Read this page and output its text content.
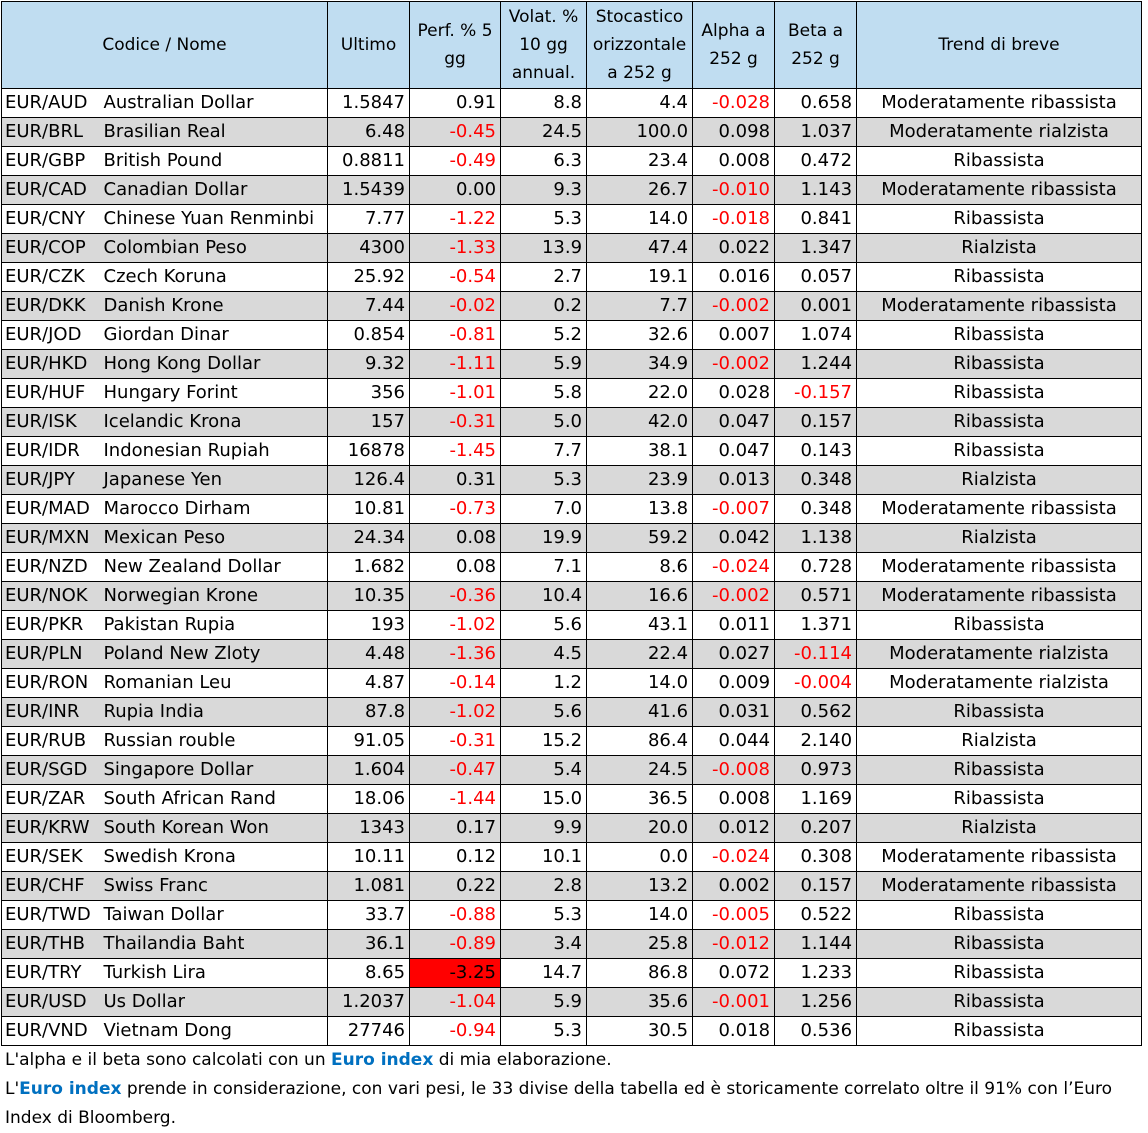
Codice / Nome		Ultimo	Perf. % 5 gg	Volat. % 10 gg annual.	Stocastico orizzontale a 252 g	Alpha a 252 g	Beta a 252 g	Trend di breve
EUR/AUD	Australian Dollar	1.5847	0.91	8.8	4.4	-0.028	0.658	Moderatamente ribassista
EUR/BRL	Brasilian Real	6.48	-0.45	24.5	100.0	0.098	1.037	Moderatamente rialzista
EUR/GBP	British Pound	0.8811	-0.49	6.3	23.4	0.008	0.472	Ribassista
EUR/CAD	Canadian Dollar	1.5439	0.00	9.3	26.7	-0.010	1.143	Moderatamente ribassista
EUR/CNY	Chinese Yuan Renminbi	7.77	-1.22	5.3	14.0	-0.018	0.841	Ribassista
EUR/COP	Colombian Peso	4300	-1.33	13.9	47.4	0.022	1.347	Rialzista
EUR/CZK	Czech Koruna	25.92	-0.54	2.7	19.1	0.016	0.057	Ribassista
EUR/DKK	Danish Krone	7.44	-0.02	0.2	7.7	-0.002	0.001	Moderatamente ribassista
EUR/JOD	Giordan Dinar	0.854	-0.81	5.2	32.6	0.007	1.074	Ribassista
EUR/HKD	Hong Kong Dollar	9.32	-1.11	5.9	34.9	-0.002	1.244	Ribassista
EUR/HUF	Hungary Forint	356	-1.01	5.8	22.0	0.028	-0.157	Ribassista
EUR/ISK	Icelandic Krona	157	-0.31	5.0	42.0	0.047	0.157	Ribassista
EUR/IDR	Indonesian Rupiah	16878	-1.45	7.7	38.1	0.047	0.143	Ribassista
EUR/JPY	Japanese Yen	126.4	0.31	5.3	23.9	0.013	0.348	Rialzista
EUR/MAD	Marocco Dirham	10.81	-0.73	7.0	13.8	-0.007	0.348	Moderatamente ribassista
EUR/MXN	Mexican Peso	24.34	0.08	19.9	59.2	0.042	1.138	Rialzista
EUR/NZD	New Zealand Dollar	1.682	0.08	7.1	8.6	-0.024	0.728	Moderatamente ribassista
EUR/NOK	Norwegian Krone	10.35	-0.36	10.4	16.6	-0.002	0.571	Moderatamente ribassista
EUR/PKR	Pakistan Rupia	193	-1.02	5.6	43.1	0.011	1.371	Ribassista
EUR/PLN	Poland New Zloty	4.48	-1.36	4.5	22.4	0.027	-0.114	Moderatamente rialzista
EUR/RON	Romanian Leu	4.87	-0.14	1.2	14.0	0.009	-0.004	Moderatamente rialzista
EUR/INR	Rupia India	87.8	-1.02	5.6	41.6	0.031	0.562	Ribassista
EUR/RUB	Russian rouble	91.05	-0.31	15.2	86.4	0.044	2.140	Rialzista
EUR/SGD	Singapore Dollar	1.604	-0.47	5.4	24.5	-0.008	0.973	Ribassista
EUR/ZAR	South African Rand	18.06	-1.44	15.0	36.5	0.008	1.169	Ribassista
EUR/KRW	South Korean Won	1343	0.17	9.9	20.0	0.012	0.207	Rialzista
EUR/SEK	Swedish Krona	10.11	0.12	10.1	0.0	-0.024	0.308	Moderatamente ribassista
EUR/CHF	Swiss Franc	1.081	0.22	2.8	13.2	0.002	0.157	Moderatamente ribassista
EUR/TWD	Taiwan Dollar	33.7	-0.88	5.3	14.0	-0.005	0.522	Ribassista
EUR/THB	Thailandia Baht	36.1	-0.89	3.4	25.8	-0.012	1.144	Ribassista
EUR/TRY	Turkish Lira	8.65	-3.25	14.7	86.8	0.072	1.233	Ribassista
EUR/USD	Us Dollar	1.2037	-1.04	5.9	35.6	-0.001	1.256	Ribassista
EUR/VND	Vietnam Dong	27746	-0.94	5.3	30.5	0.018	0.536	Ribassista

L'alpha e il beta sono calcolati con un Euro index di mia elaborazione.

L'Euro index prende in considerazione, con vari pesi, le 33 divise della tabella ed è storicamente correlato oltre il 91% con l’Euro Index di Bloomberg.
